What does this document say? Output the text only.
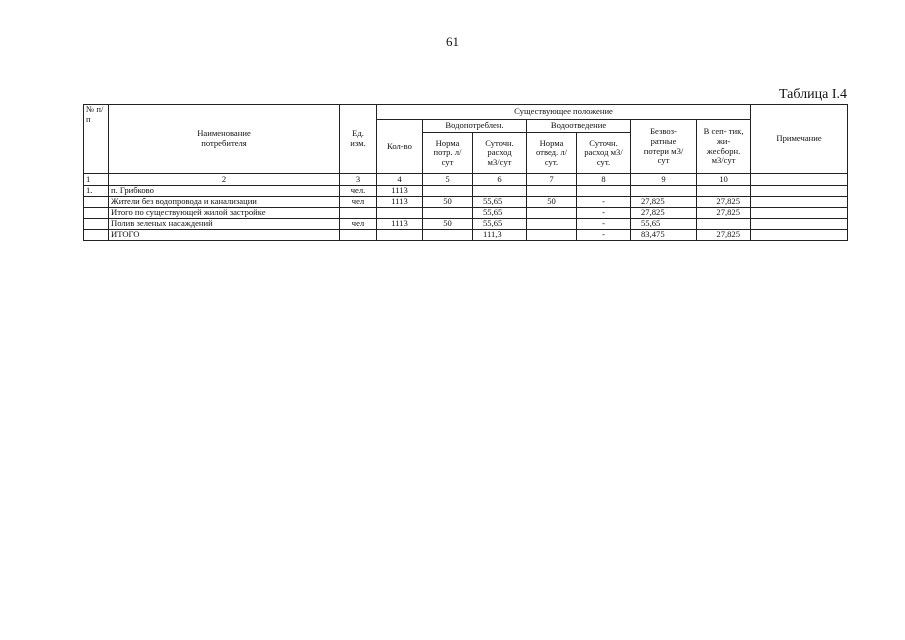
61
Таблица I.4
№ п/п	Наименование потребителя	Ед. изм.	Существующее положение							Примечание
			Кол-во	Водопотреблен.		Водоотведение		Безвоз- ратные потери м3/сут	В сеп- тик, жи- жесборн. м3/сут	
				Норма потр. л/сут	Суточн. расход м3/сут	Норма отвед. л/сут.	Суточн. расход м3/сут.			
1	2	3	4	5	6	7	8	9	10	
1.	п. Грибково	чел.	1113							
	Жители без водопровода и канализации	чел	1113	50	55,65	50	-	27,825	27,825	
	Итого по существующей жилой застройке				55,65		-	27,825	27,825	
	Полив зеленых насаждений	чел	1113	50	55,65		-	55,65		
	ИТОГО				111,3		-	83,475	27,825	
